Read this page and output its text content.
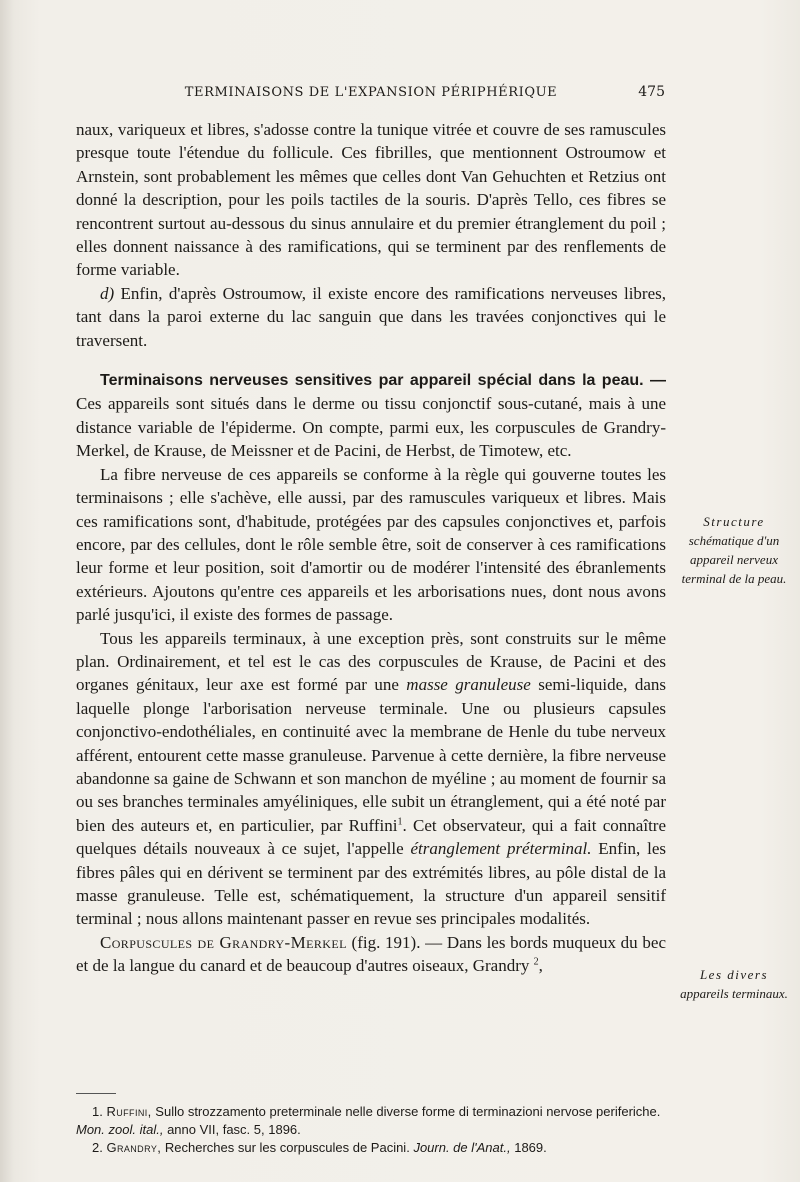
TERMINAISONS DE L'EXPANSION PÉRIPHÉRIQUE	475

naux, variqueux et libres, s'adosse contre la tunique vitrée et couvre de ses ramuscules presque toute l'étendue du follicule. Ces fibrilles, que mentionnent Ostroumow et Arnstein, sont probablement les mêmes que celles dont Van Gehuchten et Retzius ont donné la description, pour les poils tactiles de la souris. D'après Tello, ces fibres se rencontrent surtout au-dessous du sinus annulaire et du premier étranglement du poil ; elles donnent naissance à des ramifications, qui se terminent par des renflements de forme variable.

d) Enfin, d'après Ostroumow, il existe encore des ramifications nerveuses libres, tant dans la paroi externe du lac sanguin que dans les travées conjonctives qui le traversent.

Terminaisons nerveuses sensitives par appareil spécial dans la peau. — Ces appareils sont situés dans le derme ou tissu conjonctif sous-cutané, mais à une distance variable de l'épiderme. On compte, parmi eux, les corpuscules de Grandry-Merkel, de Krause, de Meissner et de Pacini, de Herbst, de Timotew, etc.

La fibre nerveuse de ces appareils se conforme à la règle qui gouverne toutes les terminaisons ; elle s'achève, elle aussi, par des ramuscules variqueux et libres. Mais ces ramifications sont, d'habitude, protégées par des capsules conjonctives et, parfois encore, par des cellules, dont le rôle semble être, soit de conserver à ces ramifications leur forme et leur position, soit d'amortir ou de modérer l'intensité des ébranlements extérieurs. Ajoutons qu'entre ces appareils et les arborisations nues, dont nous avons parlé jusqu'ici, il existe des formes de passage.

Tous les appareils terminaux, à une exception près, sont construits sur le même plan. Ordinairement, et tel est le cas des corpuscules de Krause, de Pacini et des organes génitaux, leur axe est formé par une masse granuleuse semi-liquide, dans laquelle plonge l'arborisation nerveuse terminale. Une ou plusieurs capsules conjonctivo-endothéliales, en continuité avec la membrane de Henle du tube nerveux afférent, entourent cette masse granuleuse. Parvenue à cette dernière, la fibre nerveuse abandonne sa gaine de Schwann et son manchon de myéline ; au moment de fournir sa ou ses branches terminales amyéliniques, elle subit un étranglement, qui a été noté par bien des auteurs et, en particulier, par Ruffini$^1$. Cet observateur, qui a fait connaître quelques détails nouveaux à ce sujet, l'appelle étranglement préterminal. Enfin, les fibres pâles qui en dérivent se terminent par des extrémités libres, au pôle distal de la masse granuleuse. Telle est, schématiquement, la structure d'un appareil sensitif terminal ; nous allons maintenant passer en revue ses principales modalités.

Corpuscules de Grandry-Merkel (fig. 191). — Dans les bords muqueux du bec et de la langue du canard et de beaucoup d'autres oiseaux, Grandry $^2$,

Structure
schématique d'un appareil nerveux terminal de la peau.
Les divers
appareils terminaux.

1. Ruffini, Sullo strozzamento preterminale nelle diverse forme di terminazioni nervose periferiche. Mon. zool. ital., anno VII, fasc. 5, 1896.

2. Grandry, Recherches sur les corpuscules de Pacini. Journ. de l'Anat., 1869.
